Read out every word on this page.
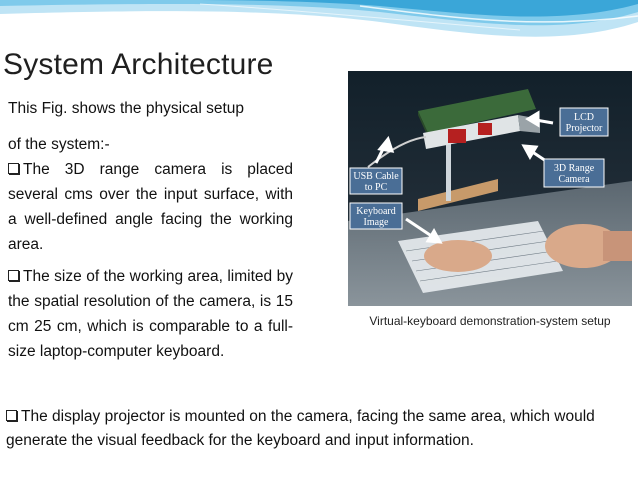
System Architecture
This Fig. shows the physical setup
of the system:-
The 3D range camera is placed several cms over the input surface, with a well-defined angle facing the working area.
The size of the working area, limited by the spatial resolution of the camera, is 15 cm 25 cm, which is comparable to a full-size laptop-computer keyboard.
LCD
Projector
3D Range
Camera
USB Cable
to PC
Keyboard
Image
Virtual-keyboard demonstration-system setup
The display projector is mounted on the camera, facing the same area, which would generate the visual feedback for the keyboard and input information.
